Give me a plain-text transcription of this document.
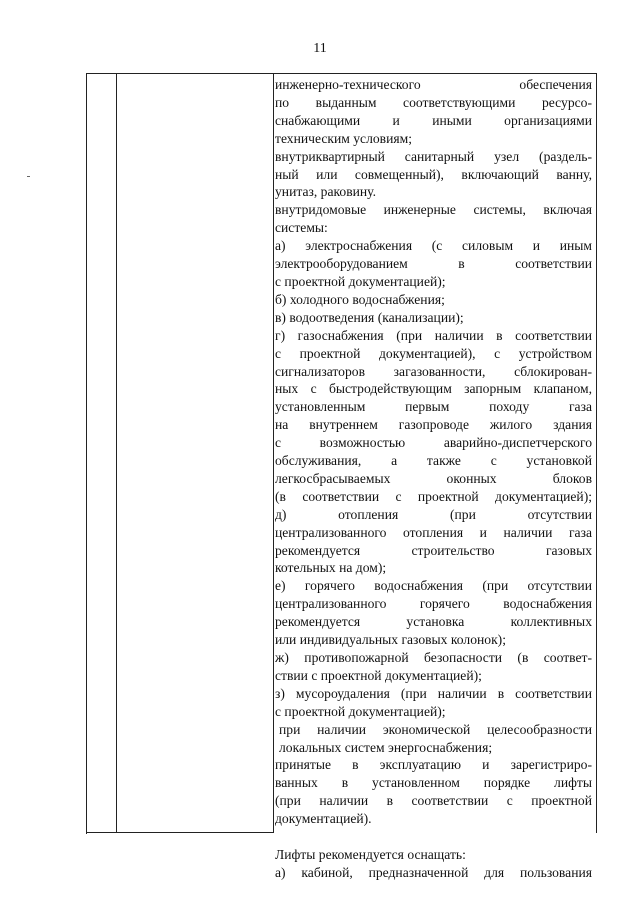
11
инженерно-технического обеспечения
по выданным соответствующими ресурсо-
снабжающими и иными организациями
техническим условиям;
внутриквартирный санитарный узел (раздель-
ный или совмещенный), включающий ванну,
унитаз, раковину.
внутридомовые инженерные системы, включая
системы:
а) электроснабжения (с силовым и иным
электрооборудованием в соответствии
с проектной документацией);
б) холодного водоснабжения;
в) водоотведения (канализации);
г) газоснабжения (при наличии в соответствии
с проектной документацией), с устройством
сигнализаторов загазованности, сблокирован-
ных с быстродействующим запорным клапаном,
установленным первым походу газа
на внутреннем газопроводе жилого здания
с возможностью аварийно-диспетчерского
обслуживания, а также с установкой
легкосбрасываемых оконных блоков
(в соответствии с проектной документацией);
д) отопления (при отсутствии
централизованного отопления и наличии газа
рекомендуется строительство газовых
котельных на дом);
е) горячего водоснабжения (при отсутствии
централизованного горячего водоснабжения
рекомендуется установка коллективных
или индивидуальных газовых колонок);
ж) противопожарной безопасности (в соответ-
ствии с проектной документацией);
з) мусороудаления (при наличии в соответствии
с проектной документацией);
при наличии экономической целесообразности
локальных систем энергоснабжения;
принятые в эксплуатацию и зарегистриро-
ванных в установленном порядке лифты
(при наличии в соответствии с проектной
документацией).
Лифты рекомендуется оснащать:
а) кабиной, предназначенной для пользования
